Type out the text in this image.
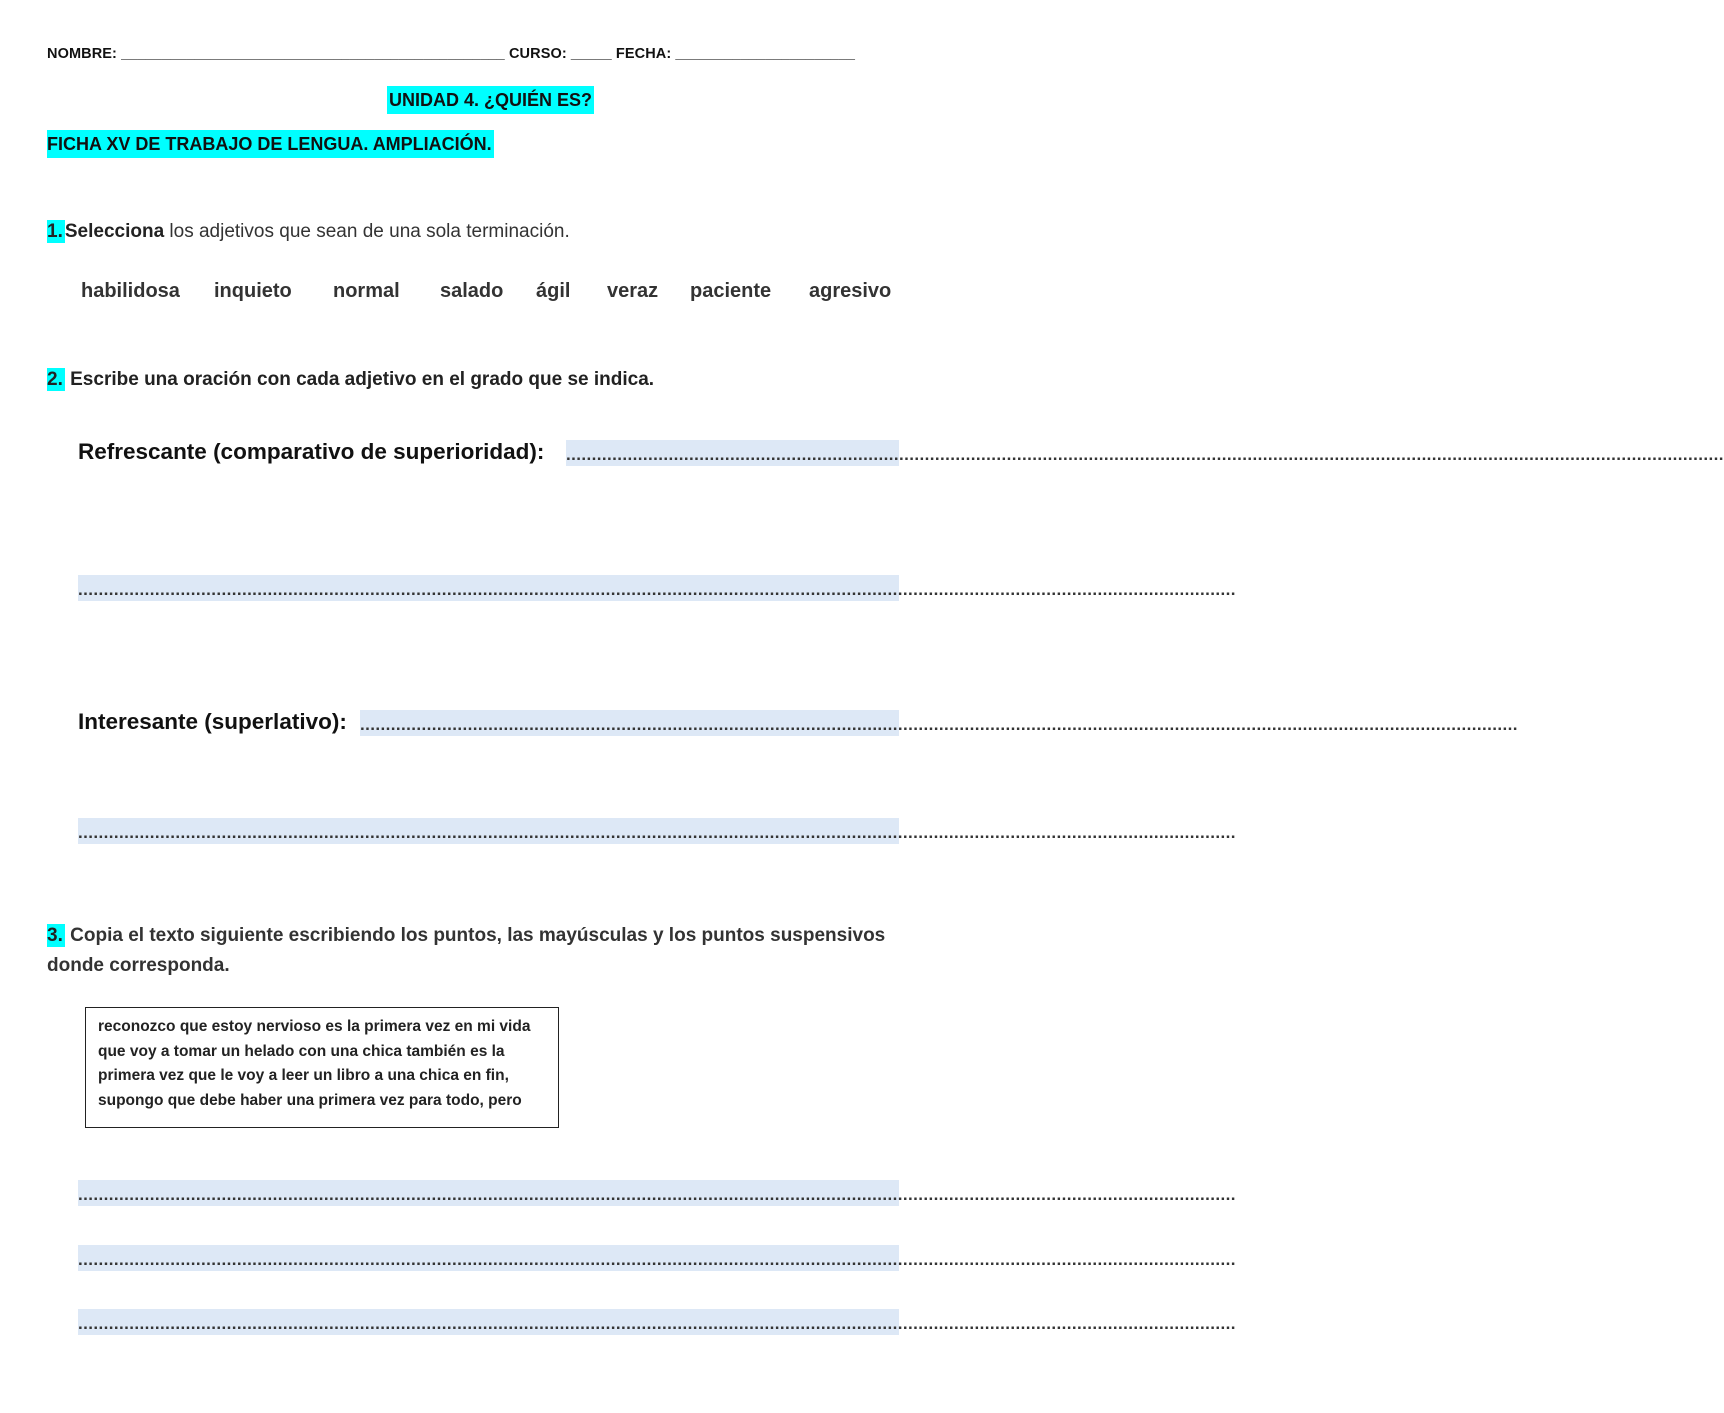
NOMBRE: _______________________________________________ CURSO: _____ FECHA: ______________________
UNIDAD 4. ¿QUIÉN ES?
FICHA XV DE TRABAJO DE LENGUA. AMPLIACIÓN.
1. Selecciona los adjetivos que sean de una sola terminación.
habilidosa inquieto normal salado ágil veraz paciente agresivo
2. Escribe una oración con cada adjetivo en el grado que se indica.
Refrescante (comparativo de superioridad): ..................................................................................................................................................................................................................................
..................................................................................................................................................................................................................................
Interesante (superlativo): ..................................................................................................................................................................................................................................
..................................................................................................................................................................................................................................
3. Copia el texto siguiente escribiendo los puntos, las mayúsculas y los puntos suspensivos donde corresponda.
reconozco que estoy nervioso es la primera vez en mi vida
que voy a tomar un helado con una chica también es la
primera vez que le voy a leer un libro a una chica en fin,
supongo que debe haber una primera vez para todo, pero
..................................................................................................................................................................................................................................
..................................................................................................................................................................................................................................
..................................................................................................................................................................................................................................
